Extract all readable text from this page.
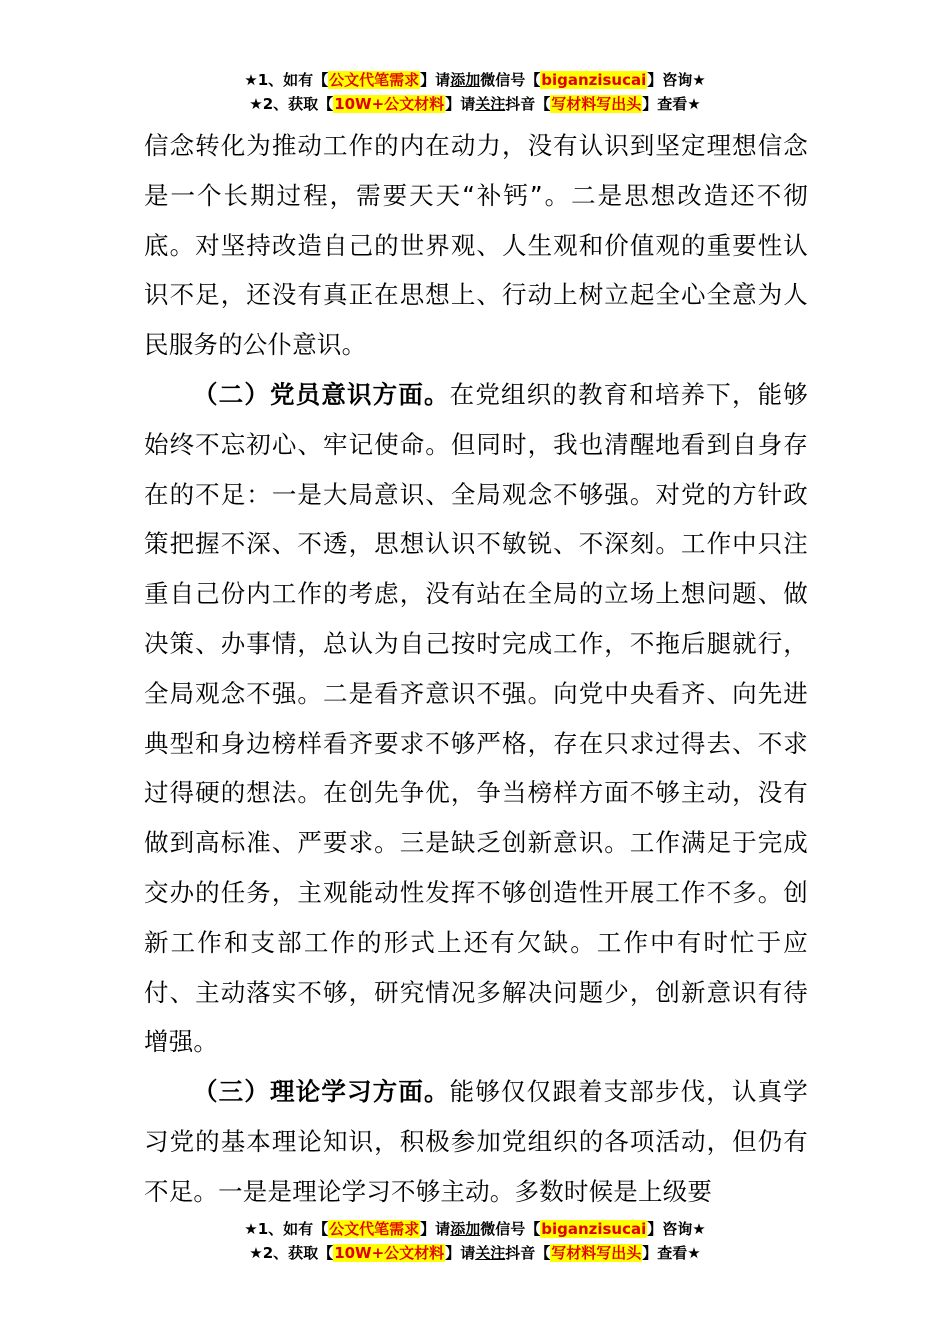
★1、如有【公文代笔需求】请添加微信号【biganzisucai】咨询★
★2、获取【10W+公文材料】请关注抖音【写材料写出头】查看★

信念转化为推动工作的内在动力，没有认识到坚定理想信念是一个长期过程，需要天天“补钙”。二是思想改造还不彻底。对坚持改造自己的世界观、人生观和价值观的重要性认识不足，还没有真正在思想上、行动上树立起全心全意为人民服务的公仆意识。

（二）党员意识方面。在党组织的教育和培养下，能够始终不忘初心、牢记使命。但同时，我也清醒地看到自身存在的不足：一是大局意识、全局观念不够强。对党的方针政策把握不深、不透，思想认识不敏锐、不深刻。工作中只注重自己份内工作的考虑，没有站在全局的立场上想问题、做决策、办事情，总认为自己按时完成工作，不拖后腿就行，全局观念不强。二是看齐意识不强。向党中央看齐、向先进典型和身边榜样看齐要求不够严格，存在只求过得去、不求过得硬的想法。在创先争优，争当榜样方面不够主动，没有做到高标准、严要求。三是缺乏创新意识。工作满足于完成交办的任务，主观能动性发挥不够创造性开展工作不多。创新工作和支部工作的形式上还有欠缺。工作中有时忙于应付、主动落实不够，研究情况多解决问题少，创新意识有待增强。

（三）理论学习方面。能够仅仅跟着支部步伐，认真学习党的基本理论知识，积极参加党组织的各项活动，但仍有不足。一是是理论学习不够主动。多数时候是上级要

★1、如有【公文代笔需求】请添加微信号【biganzisucai】咨询★
★2、获取【10W+公文材料】请关注抖音【写材料写出头】查看★
